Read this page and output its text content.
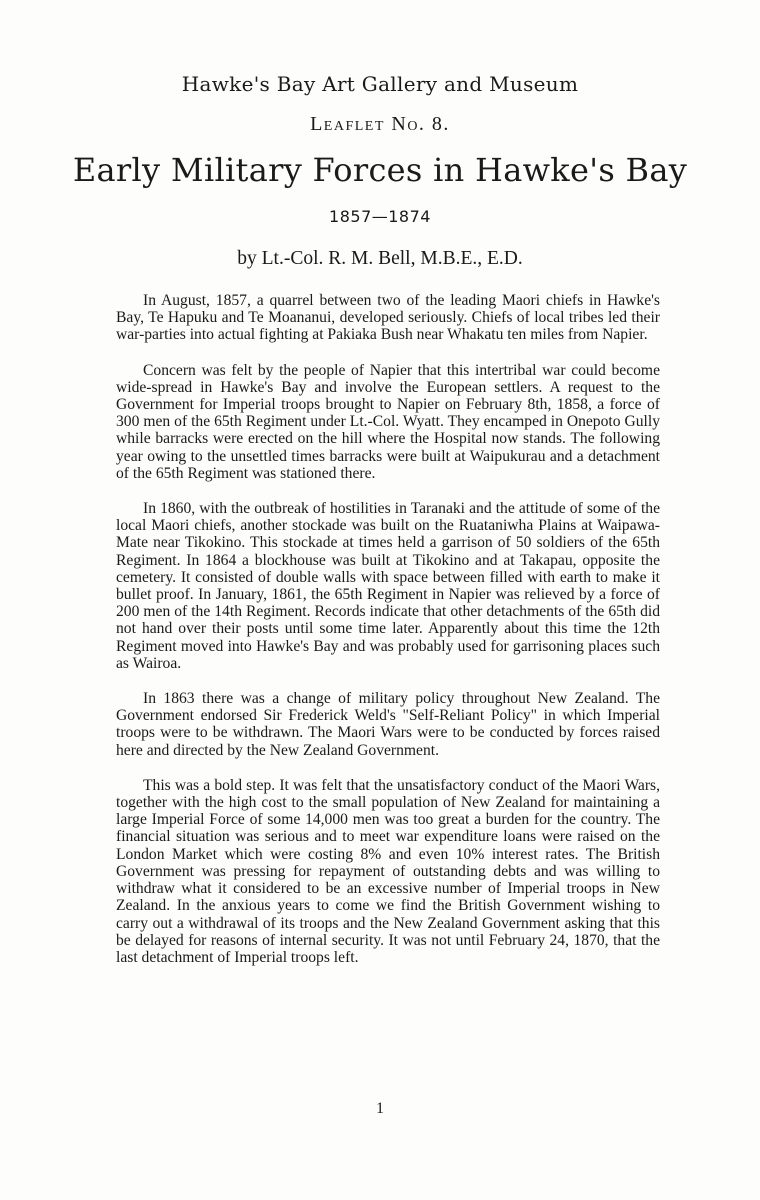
Hawke's Bay Art Gallery and Museum
Leaflet No. 8.
Early Military Forces in Hawke's Bay
1857—1874
by Lt.-Col. R. M. Bell, M.B.E., E.D.

In August, 1857, a quarrel between two of the leading Maori chiefs in Hawke's Bay, Te Hapuku and Te Moananui, developed seriously. Chiefs of local tribes led their war-parties into actual fighting at Pakiaka Bush near Whakatu ten miles from Napier.

Concern was felt by the people of Napier that this intertribal war could become wide-spread in Hawke's Bay and involve the European settlers. A request to the Government for Imperial troops brought to Napier on February 8th, 1858, a force of 300 men of the 65th Regiment under Lt.-Col. Wyatt. They encamped in Onepoto Gully while barracks were erected on the hill where the Hospital now stands. The following year owing to the unsettled times barracks were built at Waipukurau and a detachment of the 65th Regiment was stationed there.

In 1860, with the outbreak of hostilities in Taranaki and the attitude of some of the local Maori chiefs, another stockade was built on the Ruataniwha Plains at Waipawa-Mate near Tikokino. This stockade at times held a garrison of 50 soldiers of the 65th Regiment. In 1864 a blockhouse was built at Tikokino and at Takapau, opposite the cemetery. It consisted of double walls with space between filled with earth to make it bullet proof. In January, 1861, the 65th Regiment in Napier was relieved by a force of 200 men of the 14th Regiment. Records indicate that other detachments of the 65th did not hand over their posts until some time later. Apparently about this time the 12th Regiment moved into Hawke's Bay and was probably used for garrisoning places such as Wairoa.

In 1863 there was a change of military policy throughout New Zealand. The Government endorsed Sir Frederick Weld's "Self-Reliant Policy" in which Imperial troops were to be withdrawn. The Maori Wars were to be conducted by forces raised here and directed by the New Zealand Government.

This was a bold step. It was felt that the unsatisfactory conduct of the Maori Wars, together with the high cost to the small population of New Zealand for maintaining a large Imperial Force of some 14,000 men was too great a burden for the country. The financial situation was serious and to meet war expenditure loans were raised on the London Market which were costing 8% and even 10% interest rates. The British Government was pressing for repayment of outstanding debts and was willing to withdraw what it considered to be an excessive number of Imperial troops in New Zealand. In the anxious years to come we find the British Government wishing to carry out a withdrawal of its troops and the New Zealand Government asking that this be delayed for reasons of internal security. It was not until February 24, 1870, that the last detachment of Imperial troops left.

1
